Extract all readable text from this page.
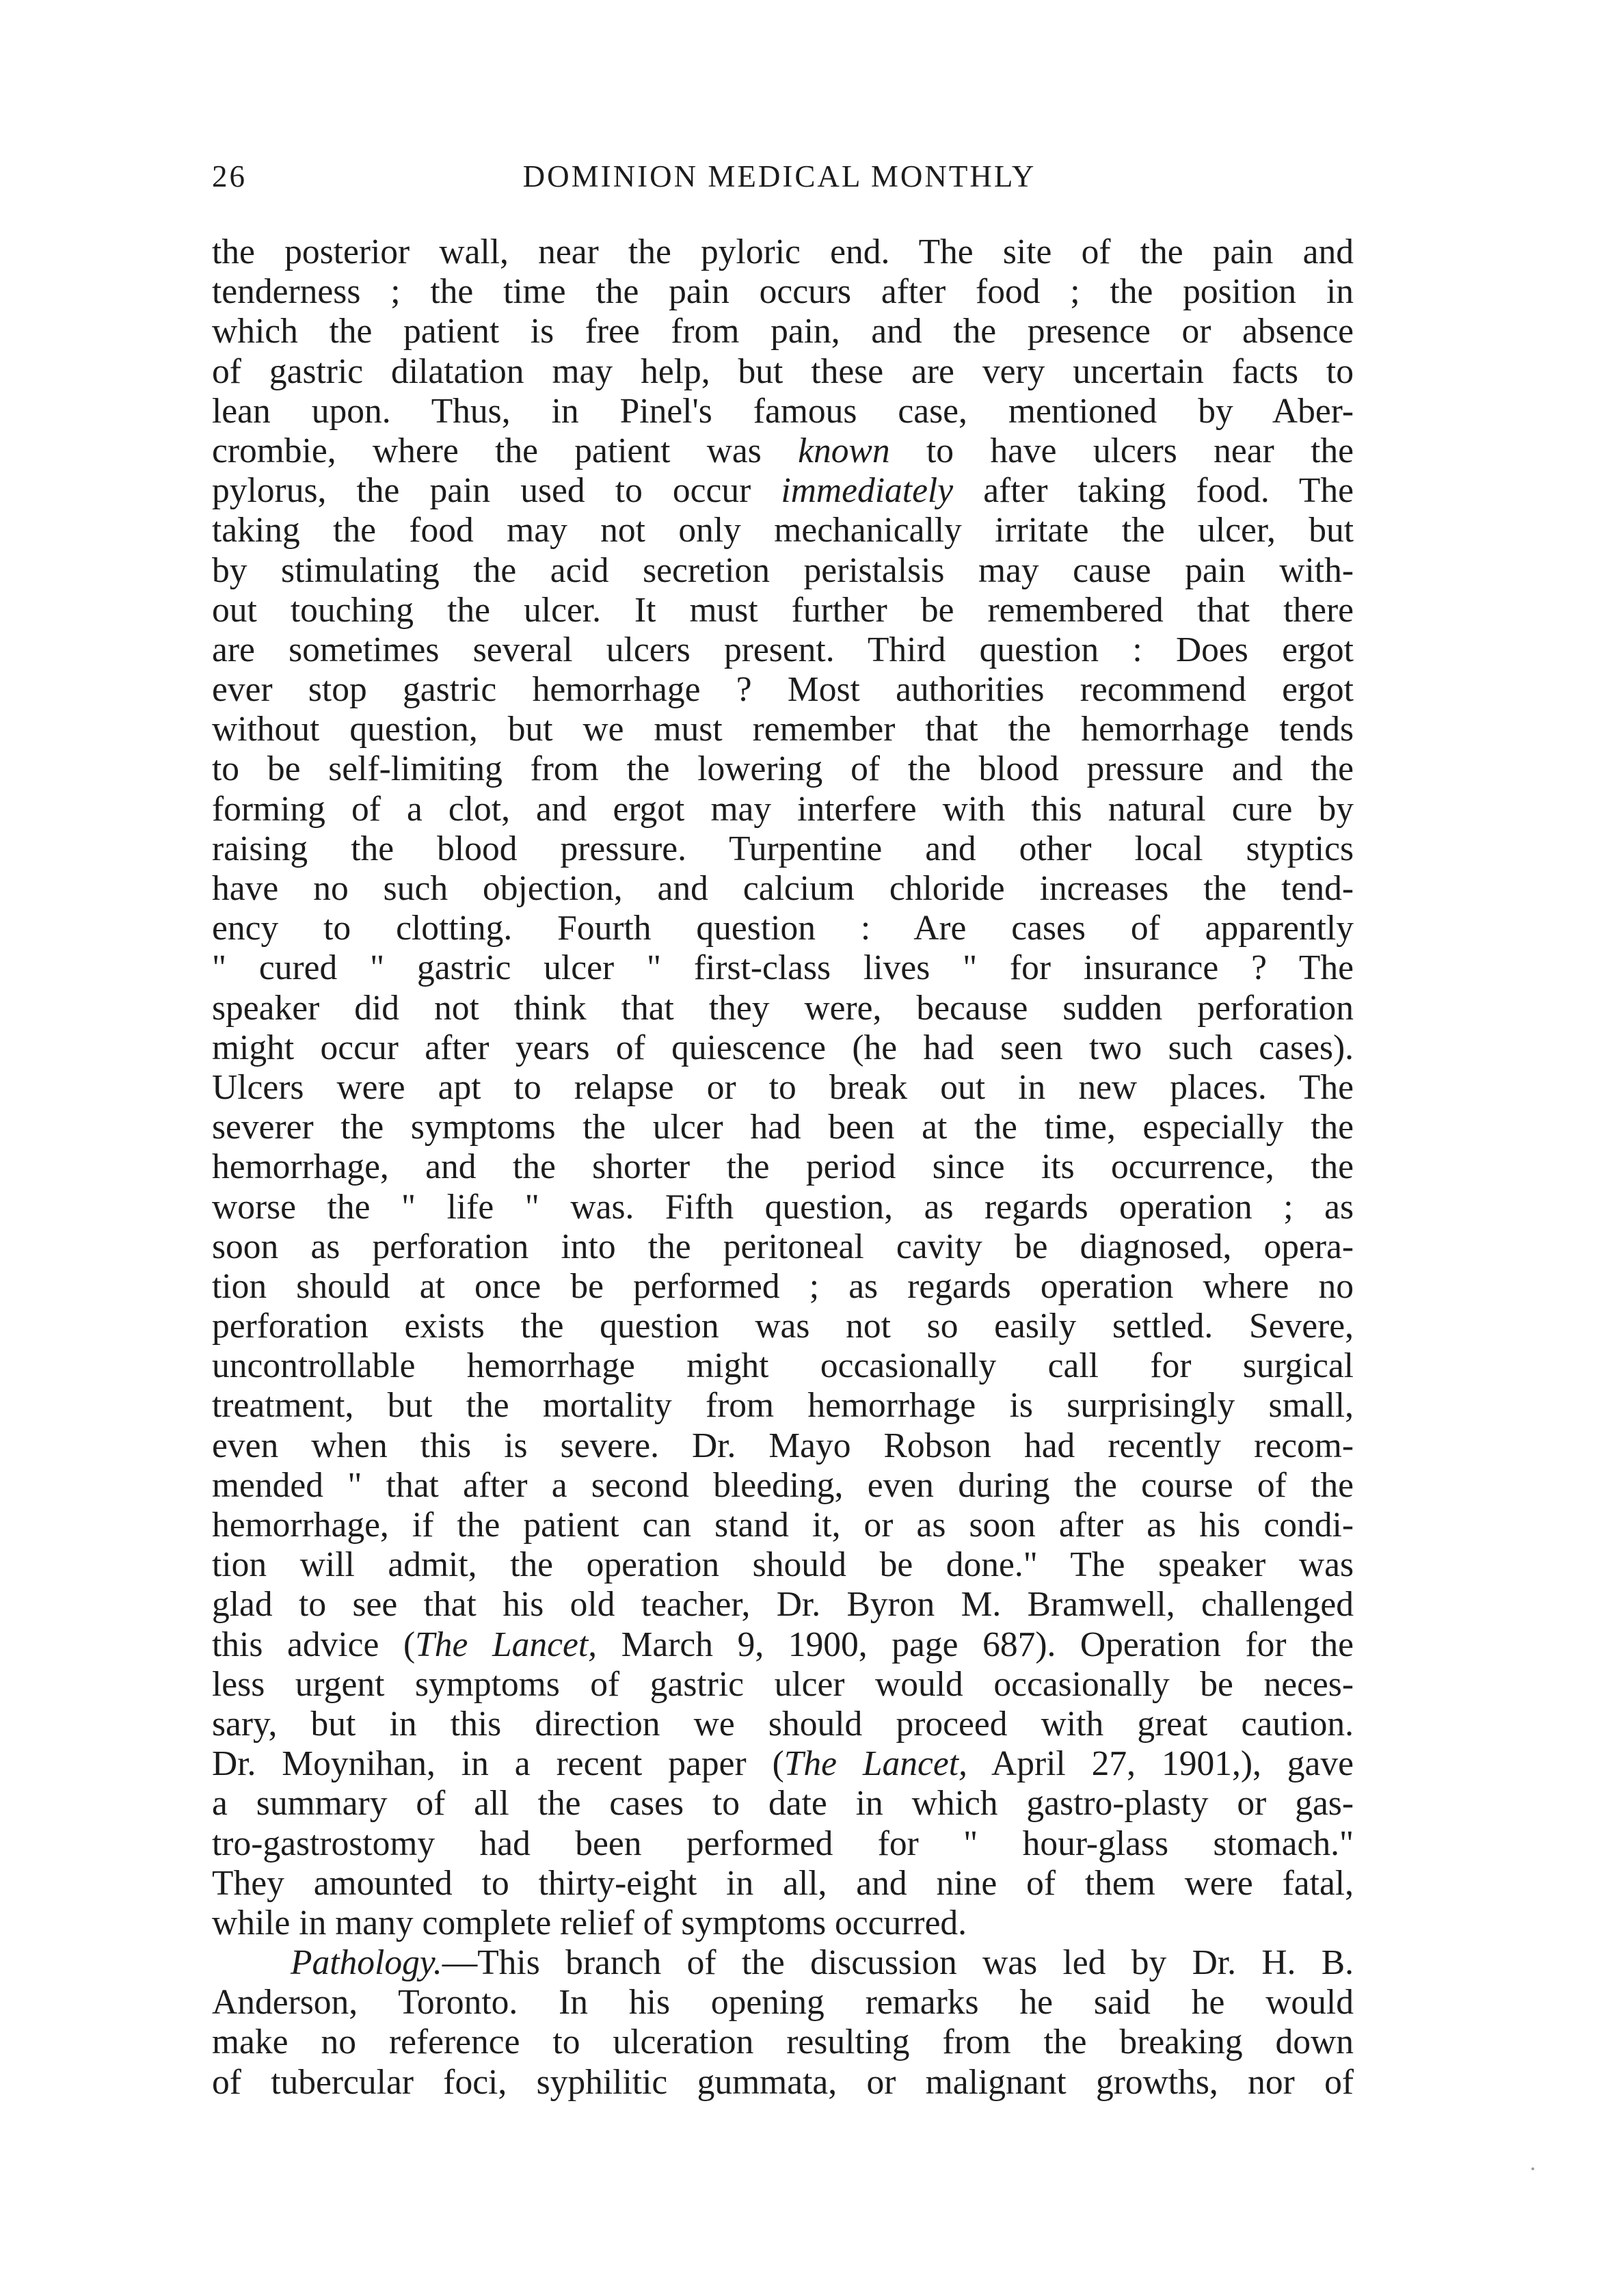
26	DOMINION MEDICAL MONTHLY
the posterior wall, near the pyloric end. The site of the pain and
tenderness ; the time the pain occurs after food ; the position in
which the patient is free from pain, and the presence or absence
of gastric dilatation may help, but these are very uncertain facts to
lean upon. Thus, in Pinel's famous case, mentioned by Aber-
crombie, where the patient was known to have ulcers near the
pylorus, the pain used to occur immediately after taking food. The
taking the food may not only mechanically irritate the ulcer, but
by stimulating the acid secretion peristalsis may cause pain with-
out touching the ulcer. It must further be remembered that there
are sometimes several ulcers present. Third question : Does ergot
ever stop gastric hemorrhage ? Most authorities recommend ergot
without question, but we must remember that the hemorrhage tends
to be self-limiting from the lowering of the blood pressure and the
forming of a clot, and ergot may interfere with this natural cure by
raising the blood pressure. Turpentine and other local styptics
have no such objection, and calcium chloride increases the tend-
ency to clotting. Fourth question : Are cases of apparently
" cured " gastric ulcer " first-class lives " for insurance ? The
speaker did not think that they were, because sudden perforation
might occur after years of quiescence (he had seen two such cases).
Ulcers were apt to relapse or to break out in new places. The
severer the symptoms the ulcer had been at the time, especially the
hemorrhage, and the shorter the period since its occurrence, the
worse the " life " was. Fifth question, as regards operation ; as
soon as perforation into the peritoneal cavity be diagnosed, opera-
tion should at once be performed ; as regards operation where no
perforation exists the question was not so easily settled. Severe,
uncontrollable hemorrhage might occasionally call for surgical
treatment, but the mortality from hemorrhage is surprisingly small,
even when this is severe. Dr. Mayo Robson had recently recom-
mended " that after a second bleeding, even during the course of the
hemorrhage, if the patient can stand it, or as soon after as his condi-
tion will admit, the operation should be done." The speaker was
glad to see that his old teacher, Dr. Byron M. Bramwell, challenged
this advice (The Lancet, March 9, 1900, page 687). Operation for the
less urgent symptoms of gastric ulcer would occasionally be neces-
sary, but in this direction we should proceed with great caution.
Dr. Moynihan, in a recent paper (The Lancet, April 27, 1901,), gave
a summary of all the cases to date in which gastro-plasty or gas-
tro-gastrostomy had been performed for " hour-glass stomach."
They amounted to thirty-eight in all, and nine of them were fatal,
while in many complete relief of symptoms occurred.
Pathology.—This branch of the discussion was led by Dr. H. B.
Anderson, Toronto. In his opening remarks he said he would
make no reference to ulceration resulting from the breaking down
of tubercular foci, syphilitic gummata, or malignant growths, nor of
